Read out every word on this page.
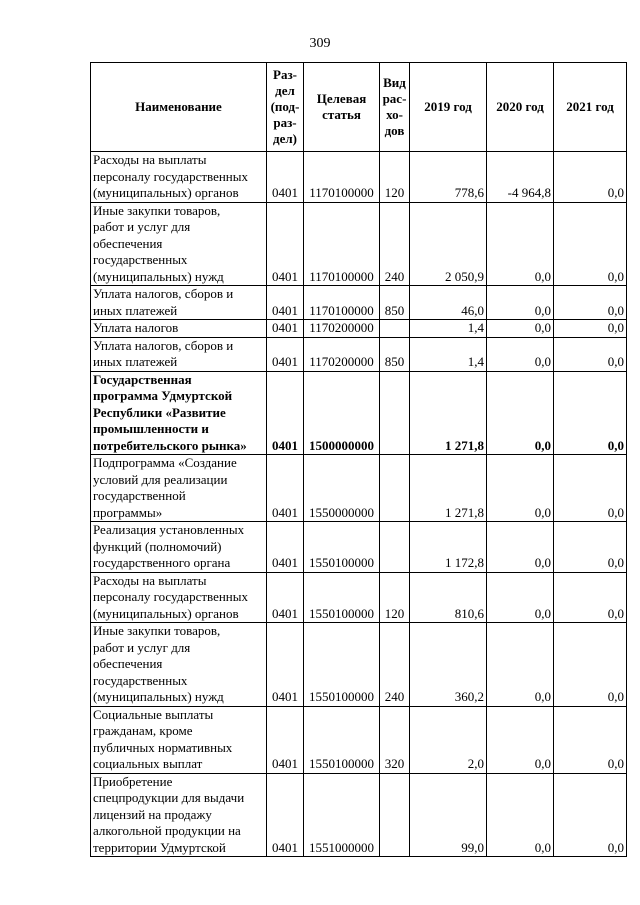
309
Наименование	Раз-
дел
(под-
раз-
дел)	Целевая
статья	Вид
рас-
хо-
дов	2019 год	2020 год	2021 год
Расходы на выплаты
персоналу государственных
(муниципальных) органов	0401	1170100000	120	778,6	-4 964,8	0,0
Иные закупки товаров,
работ и услуг для
обеспечения
государственных
(муниципальных) нужд	0401	1170100000	240	2 050,9	0,0	0,0
Уплата налогов, сборов и
иных платежей	0401	1170100000	850	46,0	0,0	0,0
Уплата налогов	0401	1170200000		1,4	0,0	0,0
Уплата налогов, сборов и
иных платежей	0401	1170200000	850	1,4	0,0	0,0
Государственная
программа Удмуртской
Республики «Развитие
промышленности и
потребительского рынка»	0401	1500000000		1 271,8	0,0	0,0
Подпрограмма «Создание
условий для реализации
государственной
программы»	0401	1550000000		1 271,8	0,0	0,0
Реализация установленных
функций (полномочий)
государственного органа	0401	1550100000		1 172,8	0,0	0,0
Расходы на выплаты
персоналу государственных
(муниципальных) органов	0401	1550100000	120	810,6	0,0	0,0
Иные закупки товаров,
работ и услуг для
обеспечения
государственных
(муниципальных) нужд	0401	1550100000	240	360,2	0,0	0,0
Социальные выплаты
гражданам, кроме
публичных нормативных
социальных выплат	0401	1550100000	320	2,0	0,0	0,0
Приобретение
спецпродукции для выдачи
лицензий на продажу
алкогольной продукции на
территории Удмуртской	0401	1551000000		99,0	0,0	0,0
